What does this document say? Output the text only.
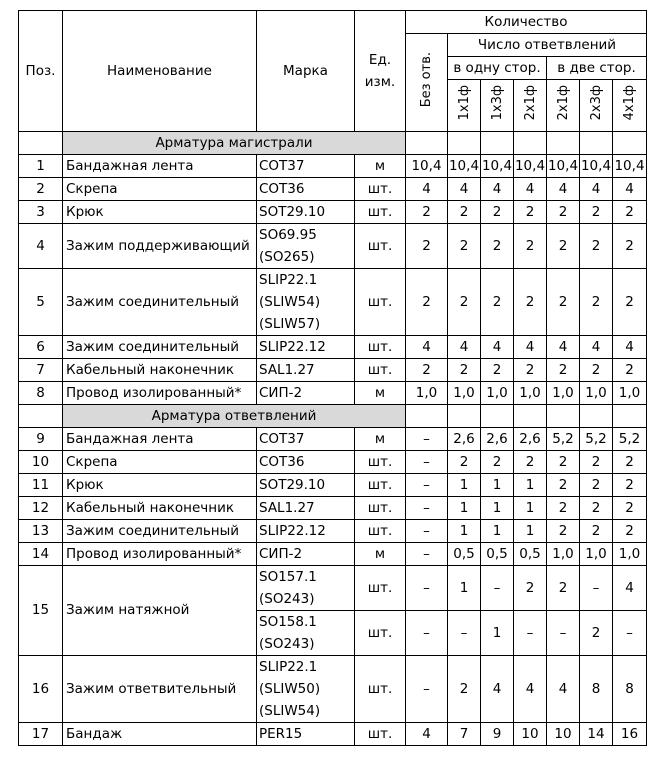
Поз.	Наименование	Марка	Ед. изм.	Количество						
				Без отв.	Число ответвлений					
					в одну стор.			в две стор.		
					1x1ф	1x3ф	2x1ф	2x1ф	2x3ф	4x1ф
	Арматура магистрали									
1	Бандажная лента	COT37	м	10,4	10,4	10,4	10,4	10,4	10,4	10,4
2	Скрепа	COT36	шт.	4	4	4	4	4	4	4
3	Крюк	SOT29.10	шт.	2	2	2	2	2	2	2
4	Зажим поддерживающий	SO69.95
(SO265)	шт.	2	2	2	2	2	2	2
5	Зажим соединительный	SLIP22.1
(SLIW54)
(SLIW57)	шт.	2	2	2	2	2	2	2
6	Зажим соединительный	SLIP22.12	шт.	4	4	4	4	4	4	4
7	Кабельный наконечник	SAL1.27	шт.	2	2	2	2	2	2	2
8	Провод изолированный*	СИП-2	м	1,0	1,0	1,0	1,0	1,0	1,0	1,0
	Арматура ответвлений									
9	Бандажная лента	COT37	м	–	2,6	2,6	2,6	5,2	5,2	5,2
10	Скрепа	COT36	шт.	–	2	2	2	2	2	2
11	Крюк	SOT29.10	шт.	–	1	1	1	2	2	2
12	Кабельный наконечник	SAL1.27	шт.	–	1	1	1	2	2	2
13	Зажим соединительный	SLIP22.12	шт.	–	1	1	1	2	2	2
14	Провод изолированный*	СИП-2	м	–	0,5	0,5	0,5	1,0	1,0	1,0
15	Зажим натяжной	SO157.1
(SO243)	шт.	–	1	–	2	2	–	4

		SO158.1
(SO243)	шт.	–	–	1	–	–	2	–
16	Зажим ответвительный	SLIP22.1
(SLIW50)
(SLIW54)	шт.	–	2	4	4	4	8	8
17	Бандаж	PER15	шт.	4	7	9	10	10	14	16
